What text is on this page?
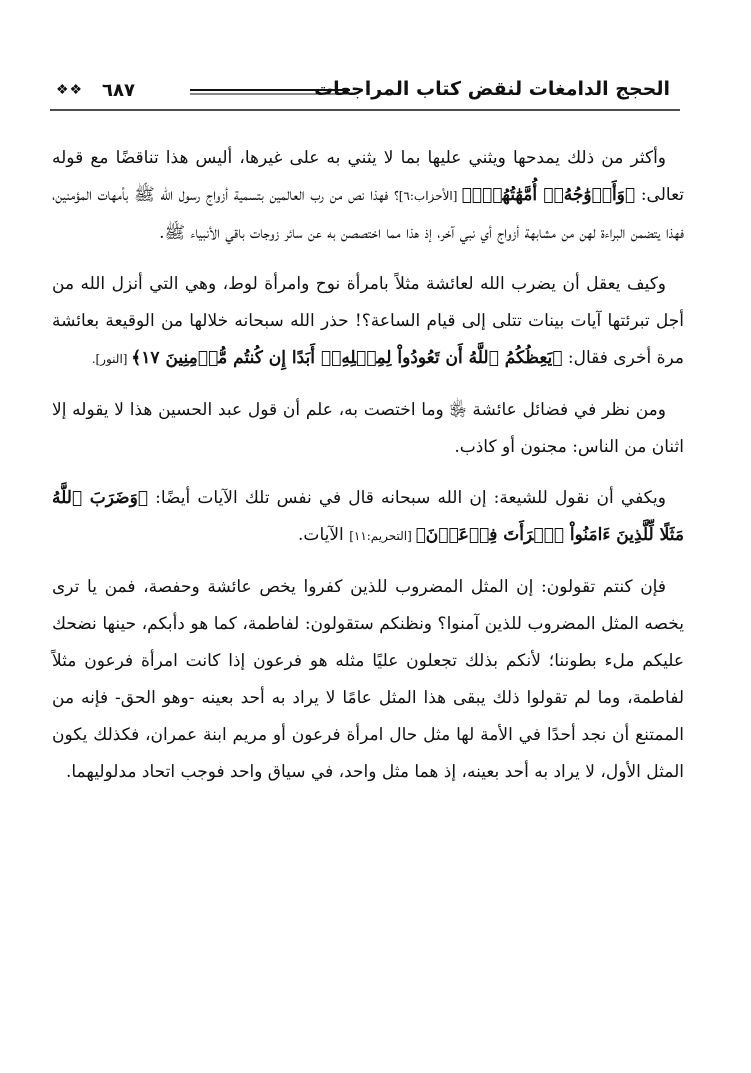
الحجج الدامغات لنقض كتاب المراجعات
٦٨٧
❖❖

وأكثر من ذلك يمدحها ويثني عليها بما لا يثني به على غيرها، أليس هذا تناقضًا مع قوله تعالى: ﴿وَأَزۡوَٰجُهُۥٓ أُمَّهَٰتُهُمۡۗ﴾ [الأحزاب:٦]؟ فهذا نص من رب العالمين بتسمية أزواج رسول الله ﷺ بأمهات المؤمنين، فهذا يتضمن البراءة لهن من مشابهة أزواج أي نبي آخر، إذ هذا مما اختصصن به عن سائر زوجات باقي الأنبياء ﷺ.

وكيف يعقل أن يضرب الله لعائشة مثلاً بامرأة نوح وامرأة لوط، وهي التي أنزل الله من أجل تبرئتها آيات بينات تتلى إلى قيام الساعة؟! حذر الله سبحانه خلالها من الوقيعة بعائشة مرة أخرى فقال: ﴿يَعِظُكُمُ ٱللَّهُ أَن تَعُودُواْ لِمِثۡلِهِۦٓ أَبَدًا إِن كُنتُم مُّؤۡمِنِينَ ١٧﴾ [النور].

ومن نظر في فضائل عائشة ﵂ وما اختصت به، علم أن قول عبد الحسين هذا لا يقوله إلا اثنان من الناس: مجنون أو كاذب.

ويكفي أن نقول للشيعة: إن الله سبحانه قال في نفس تلك الآيات أيضًا: ﴿وَضَرَبَ ٱللَّهُ مَثَلًا لِّلَّذِينَ ءَامَنُواْ ٱمۡرَأَتَ فِرۡعَوۡنَ﴾ [التحريم:١١] الآيات.

فإن كنتم تقولون: إن المثل المضروب للذين كفروا يخص عائشة وحفصة، فمن يا ترى يخصه المثل المضروب للذين آمنوا؟ ونظنكم ستقولون: لفاطمة، كما هو دأبكم، حينها نضحك عليكم ملء بطوننا؛ لأنكم بذلك تجعلون عليًا مثله هو فرعون إذا كانت امرأة فرعون مثلاً لفاطمة، وما لم تقولوا ذلك يبقى هذا المثل عامًا لا يراد به أحد بعينه -وهو الحق- فإنه من الممتنع أن نجد أحدًا في الأمة لها مثل حال امرأة فرعون أو مريم ابنة عمران، فكذلك يكون المثل الأول، لا يراد به أحد بعينه، إذ هما مثل واحد، في سياق واحد فوجب اتحاد مدلوليهما.
